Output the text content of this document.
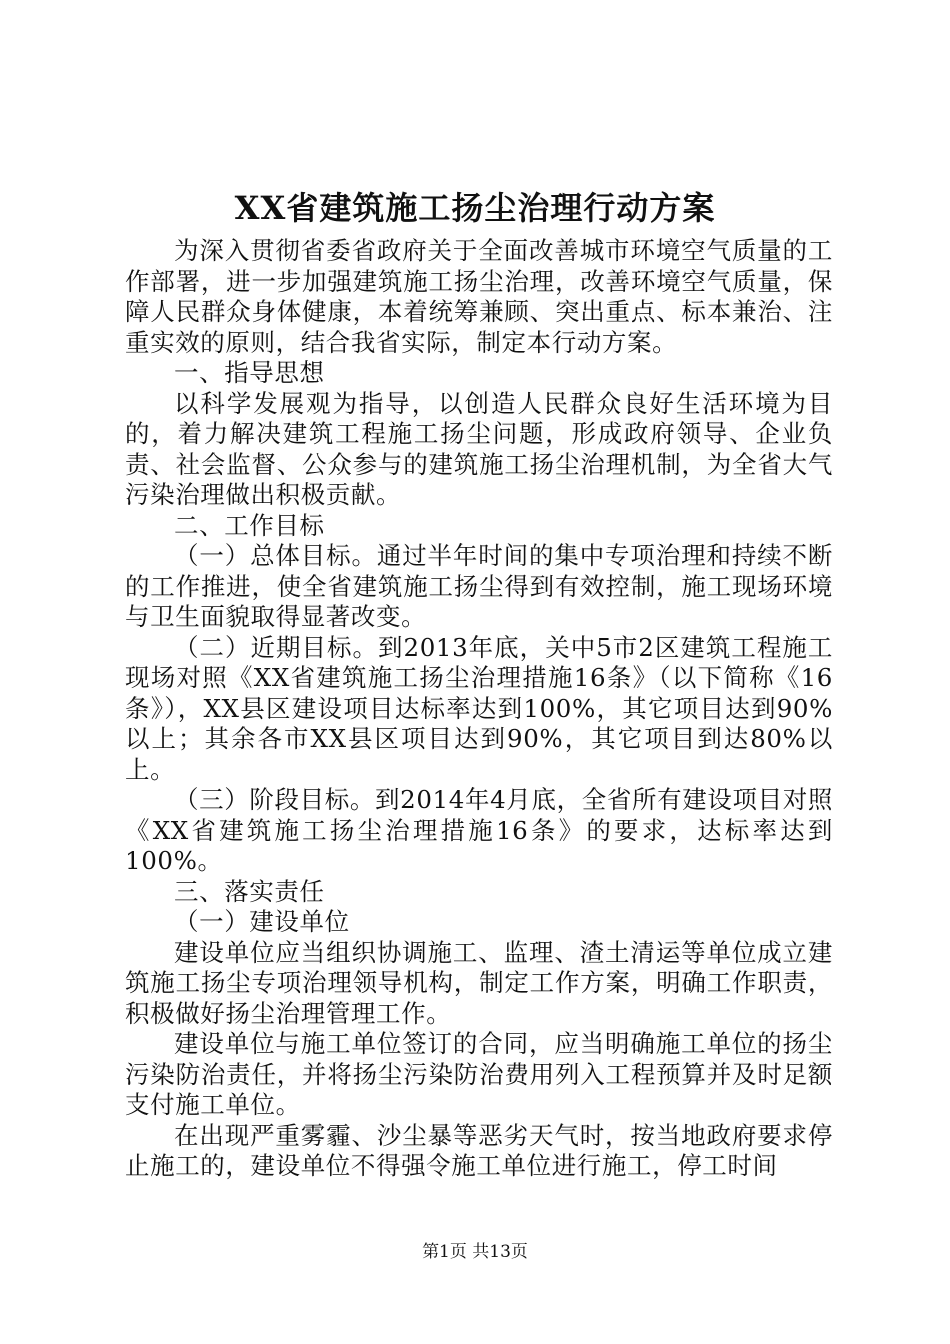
XX省建筑施工扬尘治理行动方案

为深入贯彻省委省政府关于全面改善城市环境空气质量的工作部署，进一步加强建筑施工扬尘治理，改善环境空气质量，保障人民群众身体健康，本着统筹兼顾、突出重点、标本兼治、注重实效的原则，结合我省实际，制定本行动方案。

一、指导思想

以科学发展观为指导，以创造人民群众良好生活环境为目的，着力解决建筑工程施工扬尘问题，形成政府领导、企业负责、社会监督、公众参与的建筑施工扬尘治理机制，为全省大气污染治理做出积极贡献。

二、工作目标

（一）总体目标。通过半年时间的集中专项治理和持续不断的工作推进，使全省建筑施工扬尘得到有效控制，施工现场环境与卫生面貌取得显著改变。

（二）近期目标。到2013年底，关中5市2区建筑工程施工现场对照《XX省建筑施工扬尘治理措施16条》（以下简称《16条》），XX县区建设项目达标率达到100%，其它项目达到90%以上；其余各市XX县区项目达到90%，其它项目到达80%以上。

（三）阶段目标。到2014年4月底，全省所有建设项目对照《XX省建筑施工扬尘治理措施16条》的要求，达标率达到100%。

三、落实责任

（一）建设单位

建设单位应当组织协调施工、监理、渣土清运等单位成立建筑施工扬尘专项治理领导机构，制定工作方案，明确工作职责，积极做好扬尘治理管理工作。

建设单位与施工单位签订的合同，应当明确施工单位的扬尘污染防治责任，并将扬尘污染防治费用列入工程预算并及时足额支付施工单位。

在出现严重雾霾、沙尘暴等恶劣天气时，按当地政府要求停止施工的，建设单位不得强令施工单位进行施工，停工时间

第1页 共13页
